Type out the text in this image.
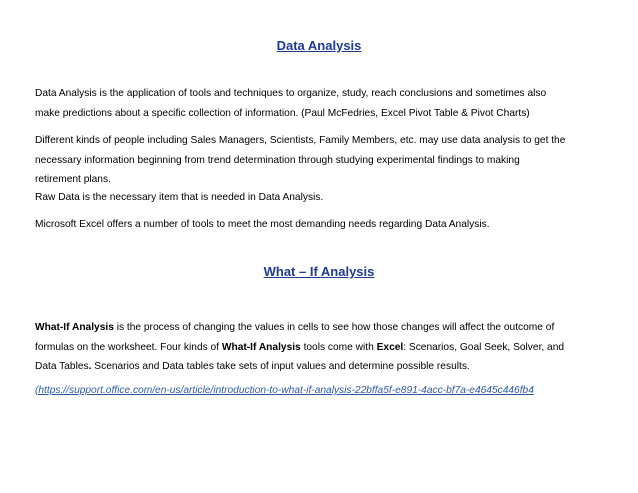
Data Analysis

Data Analysis is the application of tools and techniques to organize, study, reach conclusions and sometimes also
make predictions about a specific collection of information. (Paul McFedries, Excel Pivot Table & Pivot Charts)

Different kinds of people including Sales Managers, Scientists, Family Members, etc. may use data analysis to get the
necessary information beginning from trend determination through studying experimental findings to making
retirement plans.

Raw Data is the necessary item that is needed in Data Analysis.

Microsoft Excel offers a number of tools to meet the most demanding needs regarding Data Analysis.

What – If Analysis

What-If Analysis is the process of changing the values in cells to see how those changes will affect the outcome of
formulas on the worksheet. Four kinds of What-If Analysis tools come with Excel: Scenarios, Goal Seek, Solver, and
Data Tables. Scenarios and Data tables take sets of input values and determine possible results.

(https://support.office.com/en-us/article/introduction-to-what-if-analysis-22bffa5f-e891-4acc-bf7a-e4645c446fb4
